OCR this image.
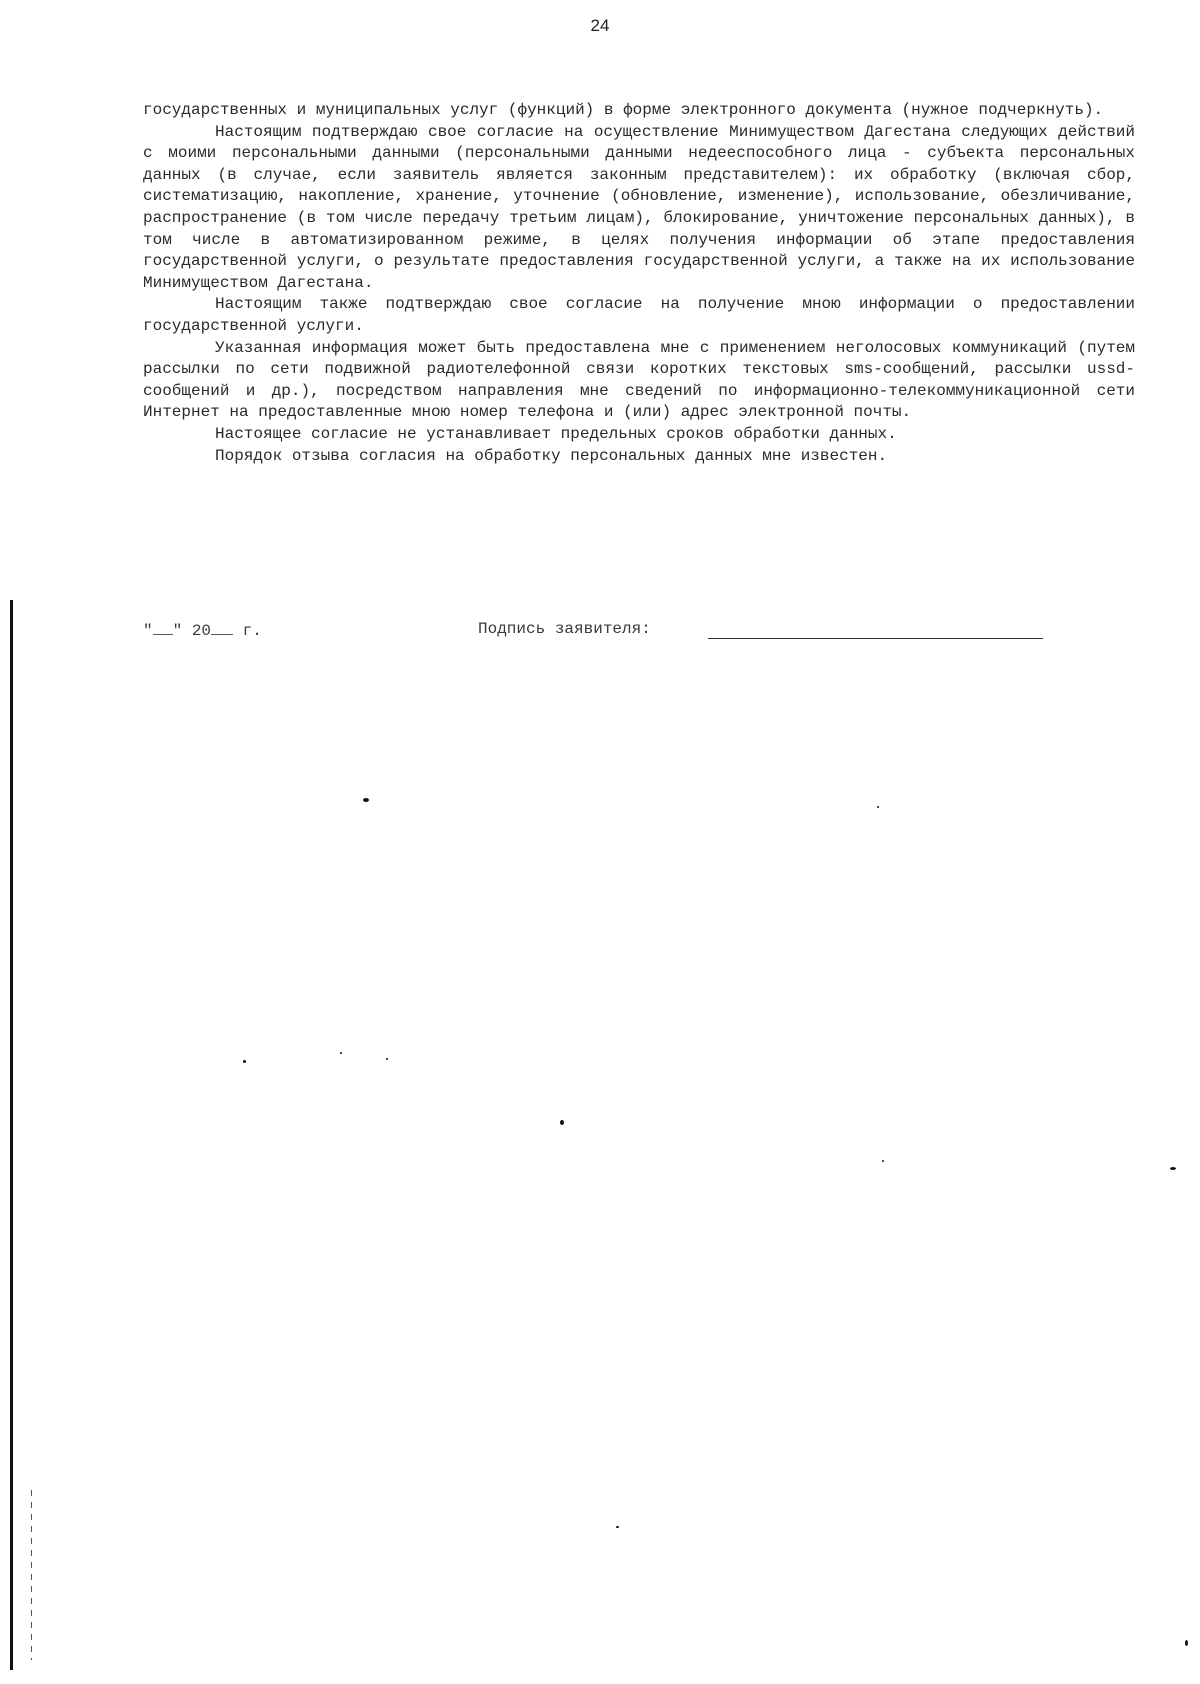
24

государственных и муниципальных услуг (функций) в форме электронного документа (нужное подчеркнуть).

Настоящим подтверждаю свое согласие на осуществление Минимуществом Дагестана следующих действий с моими персональными данными (персональными данными недееспособного лица - субъекта персональных данных (в случае, если заявитель является законным представителем): их обработку (включая сбор, систематизацию, накопление, хранение, уточнение (обновление, изменение), использование, обезличивание, распространение (в том числе передачу третьим лицам), блокирование, уничтожение персональных данных), в том числе в автоматизированном режиме, в целях получения информации об этапе предоставления государственной услуги, о результате предоставления государственной услуги, а также на их использование Минимуществом Дагестана.

Настоящим также подтверждаю свое согласие на получение мною информации о предоставлении государственной услуги.

Указанная информация может быть предоставлена мне с применением неголосовых коммуникаций (путем рассылки по сети подвижной радиотелефонной связи коротких текстовых sms-сообщений, рассылки ussd-сообщений и др.), посредством направления мне сведений по информационно-телекоммуникационной сети Интернет на предоставленные мною номер телефона и (или) адрес электронной почты.

Настоящее согласие не устанавливает предельных сроков обработки данных.

Порядок отзыва согласия на обработку персональных данных мне известен.

" " 20 г.	Подпись заявителя:
